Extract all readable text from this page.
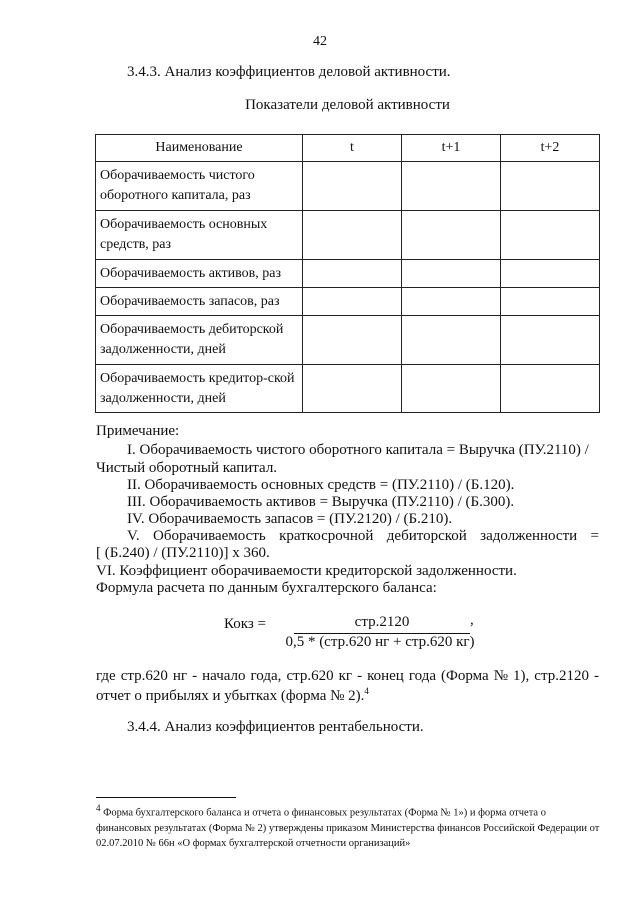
42
3.4.3. Анализ коэффициентов деловой активности.
Показатели деловой активности
Наименование	t	t+1	t+2
Оборачиваемость чистого оборотного капитала, раз			
Оборачиваемость основных средств, раз			
Оборачиваемость активов, раз			
Оборачиваемость запасов, раз			
Оборачиваемость дебиторской задолженности, дней			
Оборачиваемость кредитор-ской задолженности, дней			
Примечание:
I. Оборачиваемость чистого оборотного капитала = Выручка (ПУ.2110) /
Чистый оборотный капитал.
II. Оборачиваемость основных средств = (ПУ.2110) / (Б.120).
III. Оборачиваемость активов = Выручка (ПУ.2110) / (Б.300).
IV. Оборачиваемость запасов = (ПУ.2120) / (Б.210).
V. Оборачиваемость краткосрочной дебиторской задолженности =
[ (Б.240) / (ПУ.2110)] х 360.
VI. Коэффициент оборачиваемости кредиторской задолженности.
Формула расчета по данным бухгалтерского баланса:
Кокз =	стр.2120	,
0,5 * (стр.620 нг + стр.620 кг)
где стр.620 нг - начало года, стр.620 кг - конец года (Форма № 1), стр.2120 -
отчет о прибылях и убытках (форма № 2).$^4$
3.4.4. Анализ коэффициентов рентабельности.
$^4$ Форма бухгалтерского баланса и отчета о финансовых результатах (Форма № 1») и форма отчета о финансовых результатах (Форма № 2) утверждены приказом Министерства финансов Российской Федерации от 02.07.2010 № 66н «О формах бухгалтерской отчетности организаций»
